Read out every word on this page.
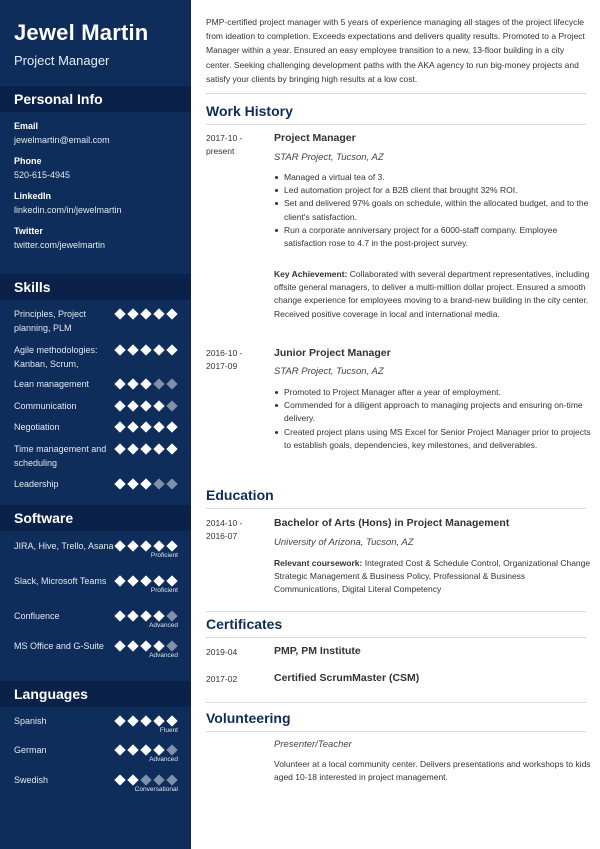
Jewel Martin
Project Manager
Personal Info
Email
jewelmartin@email.com
Phone
520-615-4945
LinkedIn
linkedin.com/in/jewelmartin
Twitter
twitter.com/jewelmartin
Skills
Principles, Project planning, PLM
Agile methodologies: Kanban, Scrum,
Lean management
Communication
Negotiation
Time management and scheduling
Leadership
Software
JIRA, Hive, Trello, Asana
Proficient
Slack, Microsoft Teams
Proficient
Confluence
Advanced
MS Office and G-Suite
Advanced
Languages
Spanish
Fluent
German
Advanced
Swedish
Conversational
PMP-certified project manager with 5 years of experience managing all stages of the project lifecycle from ideation to completion. Exceeds expectations and delivers quality results. Promoted to a Project Manager within a year. Ensured an easy employee transition to a new, 13-floor building in a city center. Seeking challenging development paths with the AKA agency to run big-money projects and satisfy your clients by bringing high results at a low cost.
Work History
2017-10 - present
Project Manager
STAR Project, Tucson, AZ
Managed a virtual tea of 3.
Led automation project for a B2B client that brought 32% ROI.
Set and delivered 97% goals on schedule, within the allocated budget, and to the client's satisfaction.
Run a corporate anniversary project for a 6000-staff company. Employee satisfaction rose to 4.7 in the post-project survey.
Key Achievement: Collaborated with several department representatives, including offsite general managers, to deliver a multi-million dollar project. Ensured a smooth change experience for employees moving to a brand-new building in the city center. Received positive coverage in local and international media.
2016-10 - 2017-09
Junior Project Manager
STAR Project, Tucson, AZ
Promoted to Project Manager after a year of employment.
Commended for a diligent approach to managing projects and ensuring on-time delivery.
Created project plans using MS Excel for Senior Project Manager prior to projects to establish goals, dependencies, key milestones, and deliverables.
Education
2014-10 - 2016-07
Bachelor of Arts (Hons) in Project Management
University of Arizona, Tucson, AZ
Relevant coursework: Integrated Cost & Schedule Control, Organizational Change Strategic Management & Business Policy, Professional & Business Communications, Digital Literal Competency
Certificates
2019-04	PMP, PM Institute
2017-02	Certified ScrumMaster (CSM)
Volunteering
Presenter/Teacher
Volunteer at a local community center. Delivers presentations and workshops to kids aged 10-18 interested in project management.
